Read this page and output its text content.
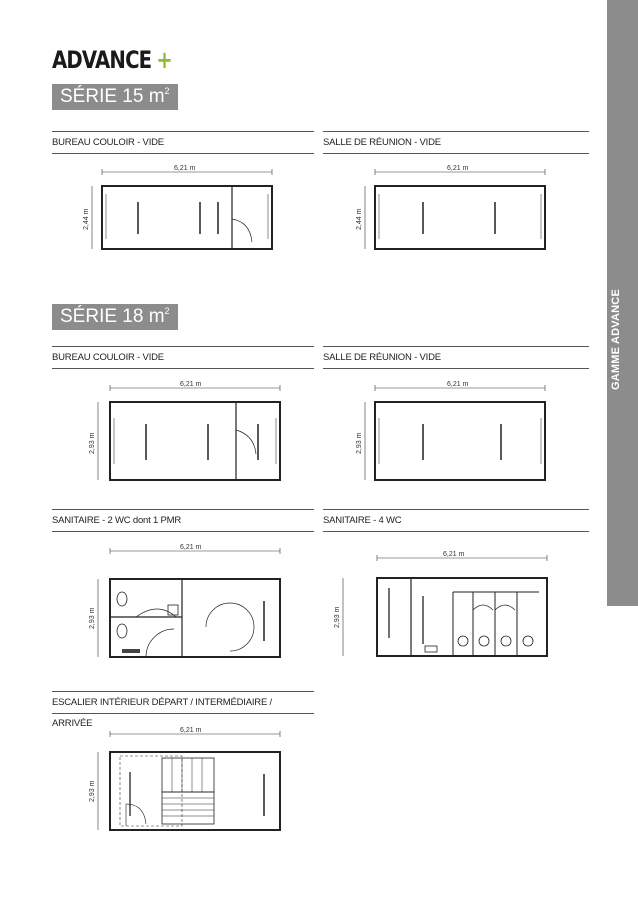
ADVANCE +
GAMME ADVANCE
SÉRIE 15 $m^2$
BUREAU COULOIR - VIDE	SALLE DE RÉUNION - VIDE
6,21 m
2,44 m
6,21 m
2,44 m
SÉRIE 18 $m^2$
BUREAU COULOIR - VIDE	SALLE DE RÉUNION - VIDE
6,21 m
2,93 m
6,21 m
2,93 m
SANITAIRE - 2 WC dont 1 PMR	SANITAIRE - 4 WC
6,21 m
2,93 m
6,21 m
2,93 m
ESCALIER INTÉRIEUR DÉPART / INTERMÉDIAIRE / ARRIVÉE
6,21 m
2,93 m
